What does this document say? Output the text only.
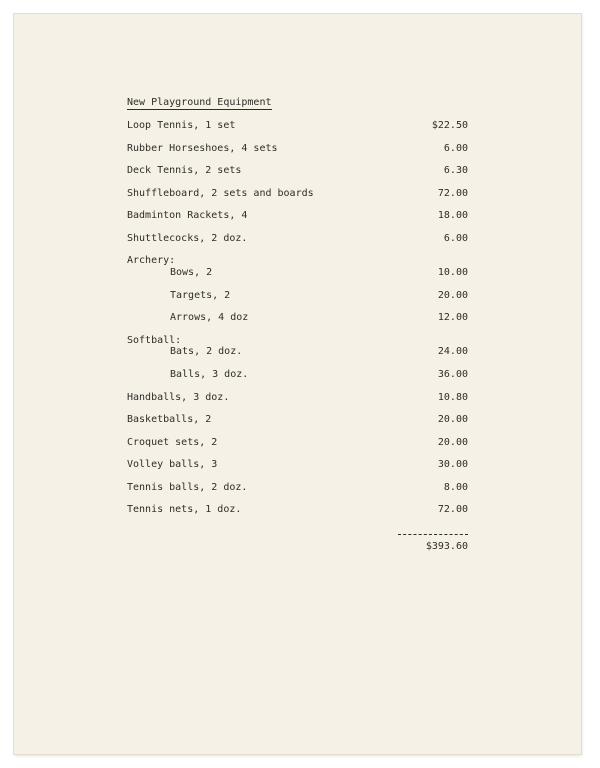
New Playground Equipment
Loop Tennis, 1 set	$22.50
Rubber Horseshoes, 4 sets	6.00
Deck Tennis, 2 sets	6.30
Shuffleboard, 2 sets and boards	72.00
Badminton Rackets, 4	18.00
Shuttlecocks, 2 doz.	6.00
Archery:
Bows, 2	10.00
Targets, 2	20.00
Arrows, 4 doz	12.00
Softball:
Bats, 2 doz.	24.00
Balls, 3 doz.	36.00
Handballs, 3 doz.	10.80
Basketballs, 2	20.00
Croquet sets, 2	20.00
Volley balls, 3	30.00
Tennis balls, 2 doz.	8.00
Tennis nets, 1 doz.	72.00
$393.60
